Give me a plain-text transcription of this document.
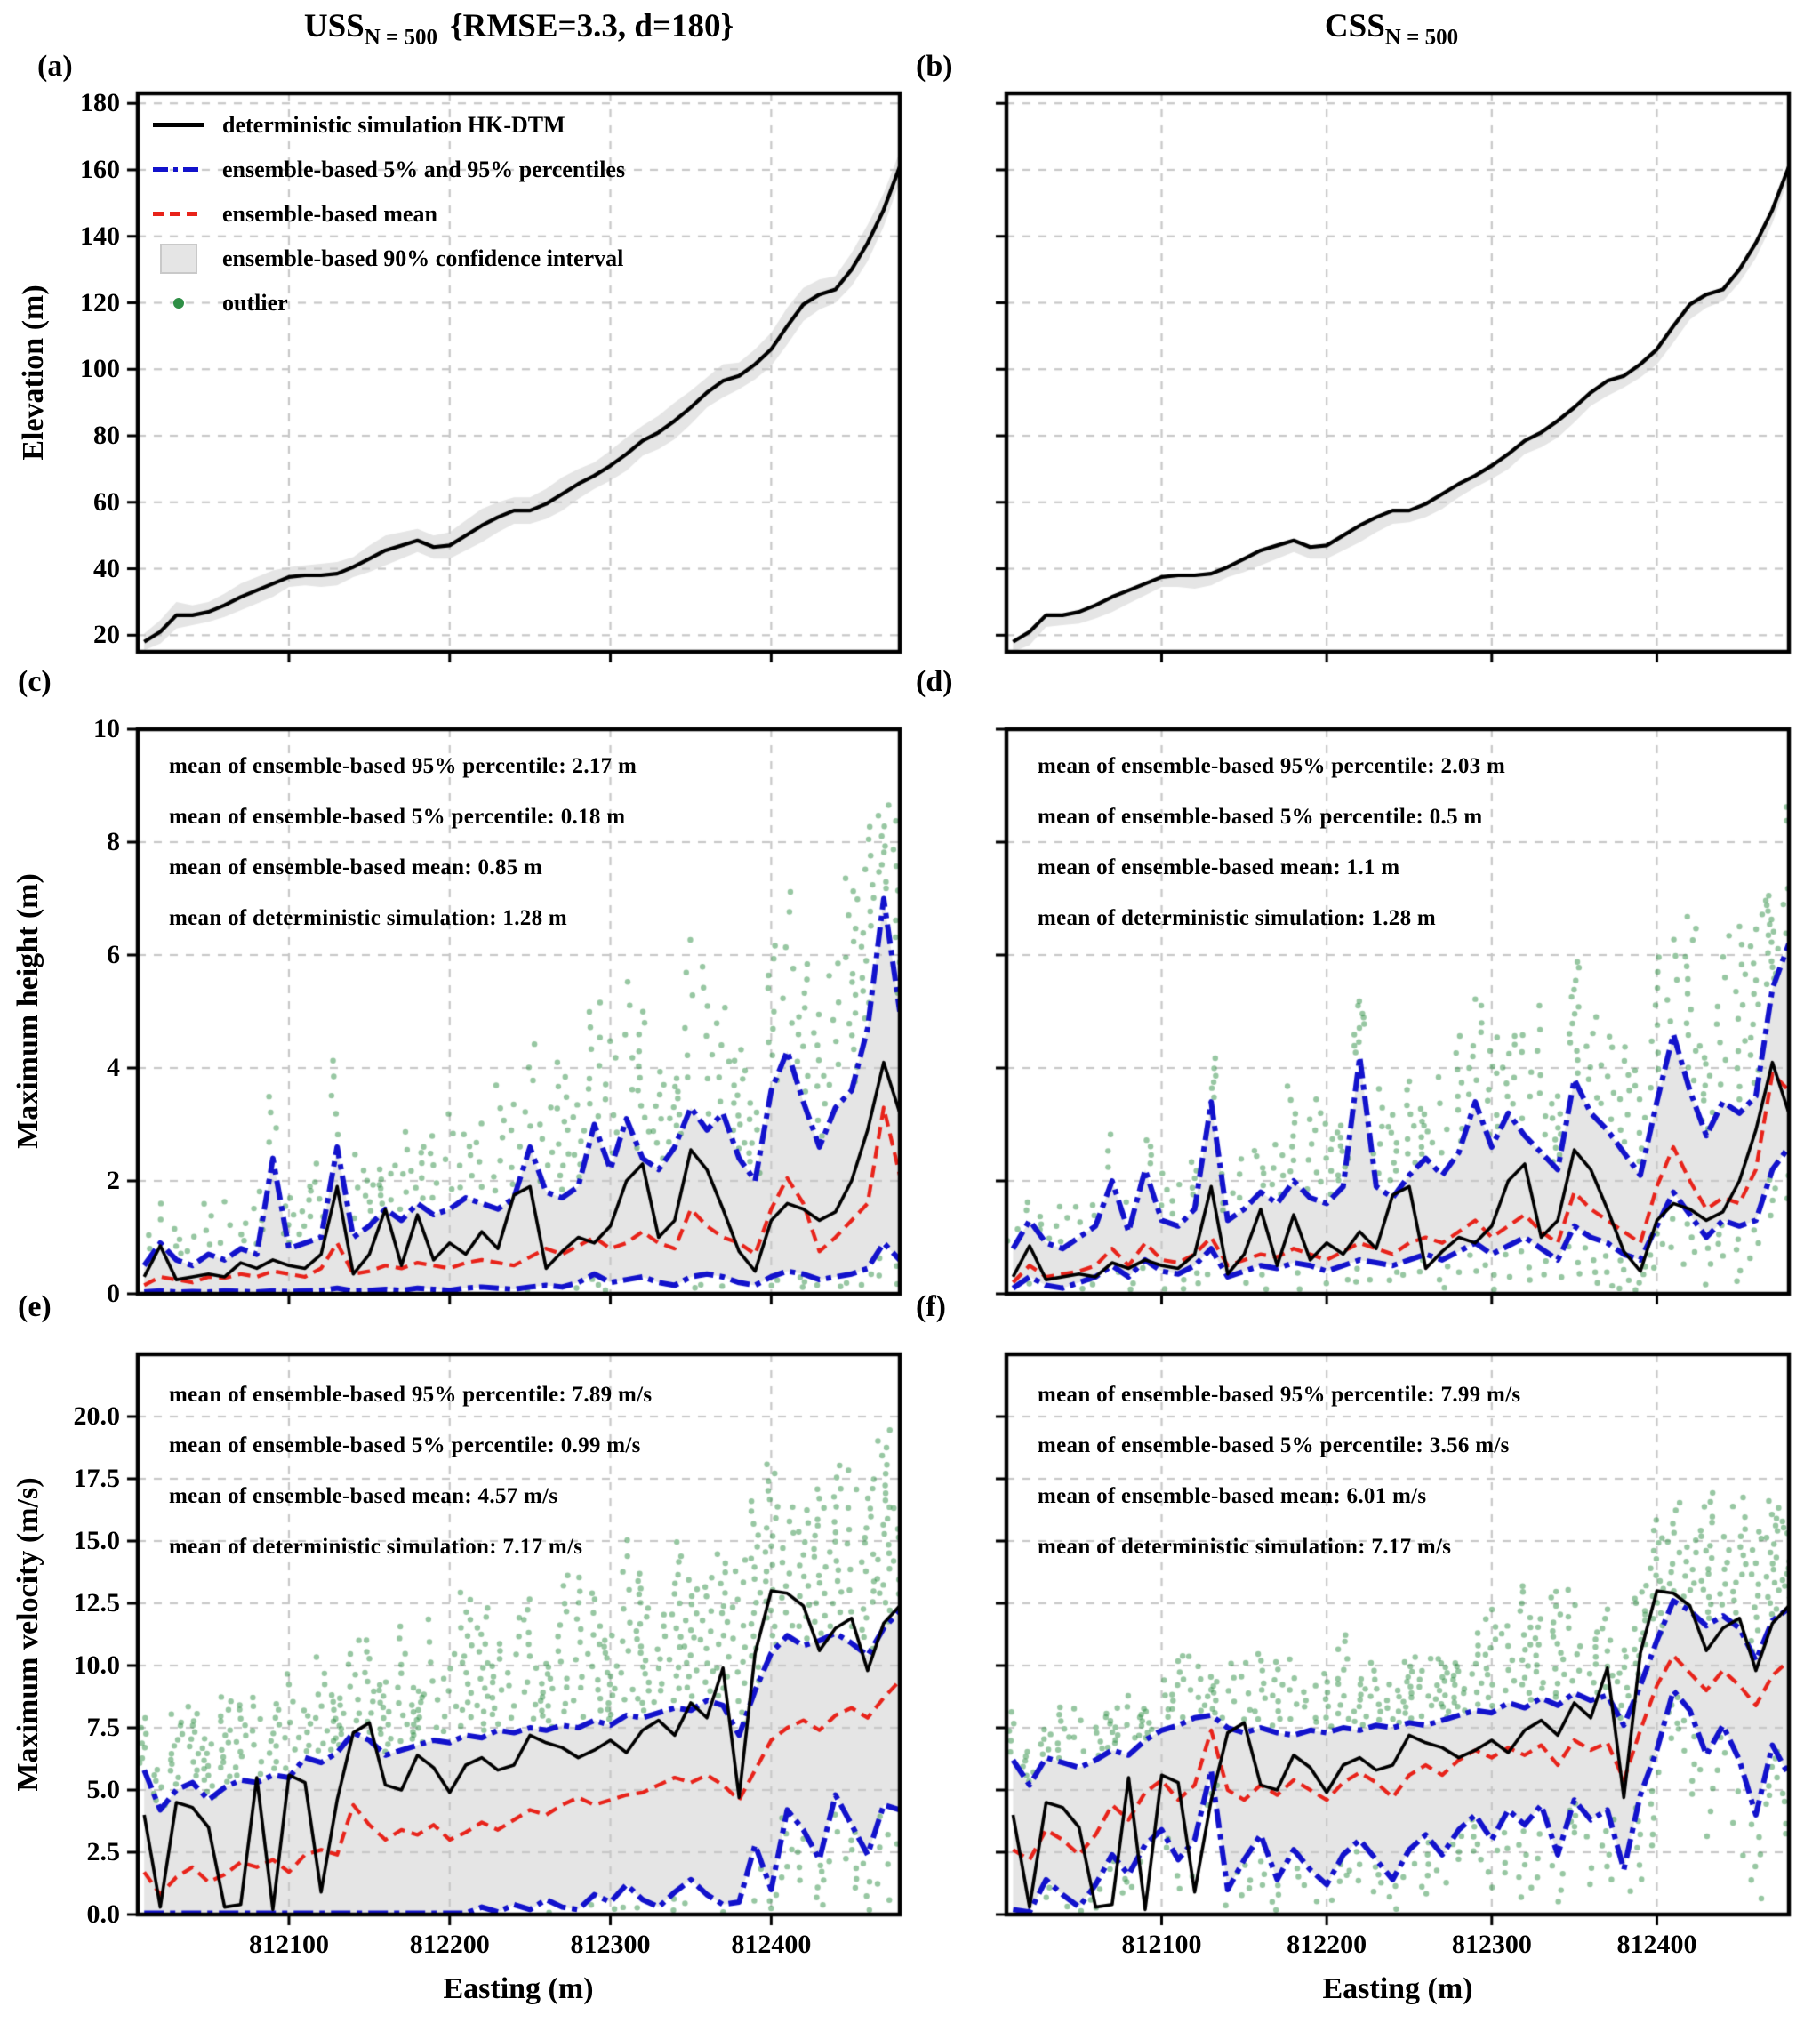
$USS_{N = 500}$ {RMSE=3.3, d=180}	$CSS_{N = 500}$
(a)	(b)
(c)	(d)
(e)	(f)
Elevation (m)
Maximum height (m)
Maximum velocity (m/s)
Easting (m)	Easting (m)
deterministic simulation HK-DTM
ensemble-based 5% and 95% percentiles
ensemble-based mean
ensemble-based 90% confidence interval
outlier
mean of ensemble-based 95% percentile: 2.17 m
mean of ensemble-based 5% percentile: 0.18 m
mean of ensemble-based mean: 0.85 m
mean of deterministic simulation: 1.28 m
mean of ensemble-based 95% percentile: 2.03 m
mean of ensemble-based 5% percentile: 0.5 m
mean of ensemble-based mean: 1.1 m
mean of deterministic simulation: 1.28 m
mean of ensemble-based 95% percentile: 7.89 m/s
mean of ensemble-based 5% percentile: 0.99 m/s
mean of ensemble-based mean: 4.57 m/s
mean of deterministic simulation: 7.17 m/s
mean of ensemble-based 95% percentile: 7.99 m/s
mean of ensemble-based 5% percentile: 3.56 m/s
mean of ensemble-based mean: 6.01 m/s
mean of deterministic simulation: 7.17 m/s
20
40
60
80
100
120
140
160
180
0
2
4
6
8
10
0.0
2.5
5.0
7.5
10.0
12.5
15.0
17.5
20.0
812100	812200	812300	812400	812100	812200	812300	812400
